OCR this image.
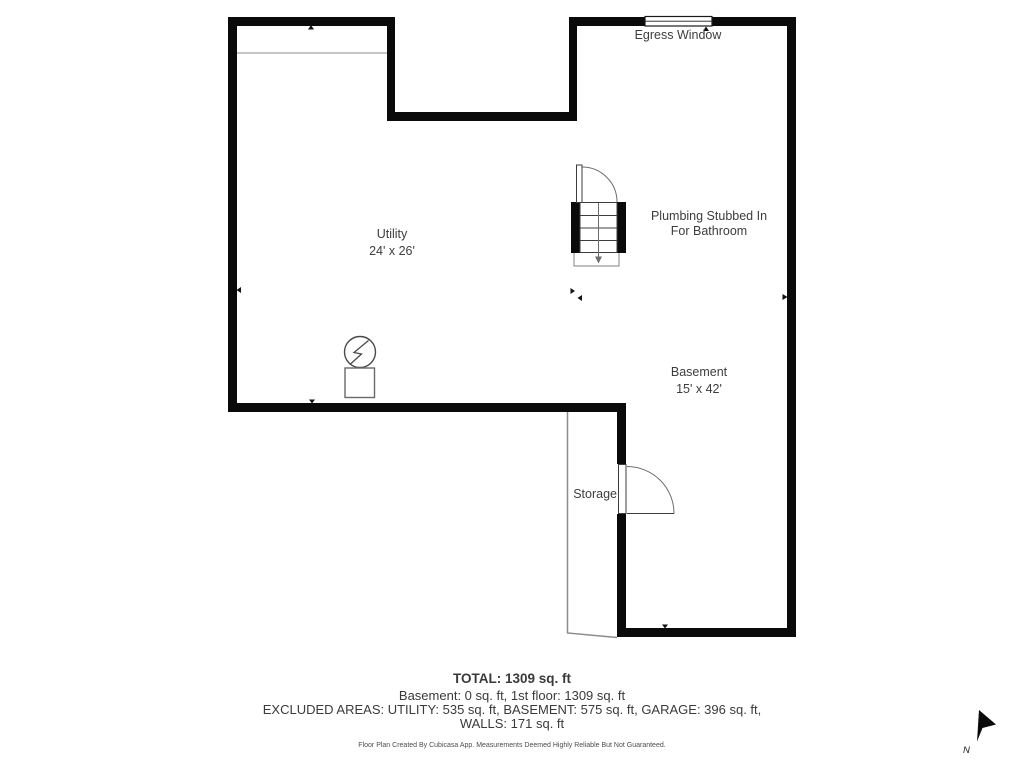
Egress Window
Plumbing Stubbed In
For Bathroom
Utility
24' x 26'
Basement
15' x 42'
Storage
TOTAL: 1309 sq. ft
Basement: 0 sq. ft, 1st floor: 1309 sq. ft
EXCLUDED AREAS: UTILITY: 535 sq. ft, BASEMENT: 575 sq. ft, GARAGE: 396 sq. ft,
WALLS: 171 sq. ft
Floor Plan Created By Cubicasa App. Measurements Deemed Highly Reliable But Not Guaranteed.	N
